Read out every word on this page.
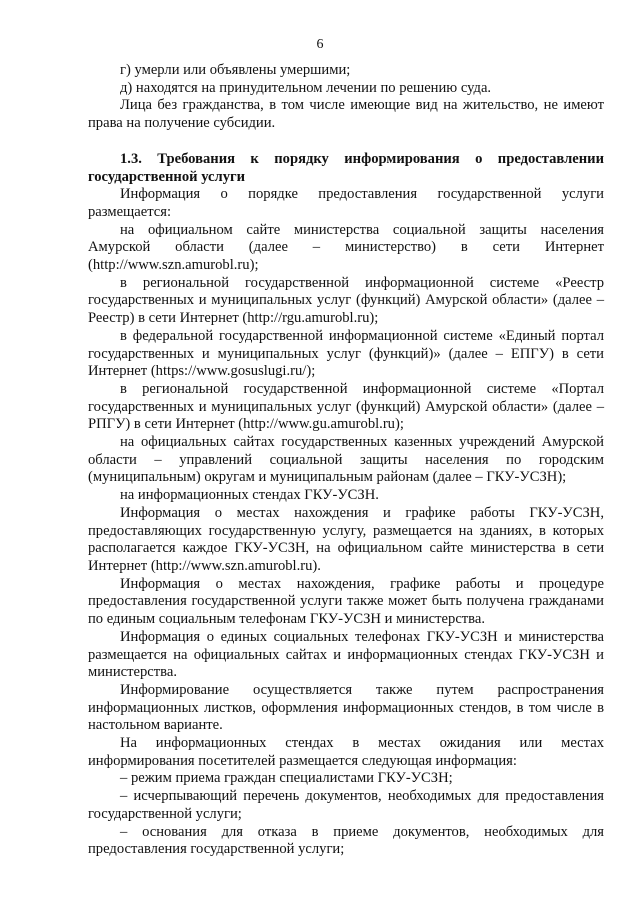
6

г) умерли или объявлены умершими;

д) находятся на принудительном лечении по решению суда.

Лица без гражданства, в том числе имеющие вид на жительство, не имеют права на получение субсидии.

1.3. Требования к порядку информирования о предоставлении государственной услуги

Информация о порядке предоставления государственной услуги размещается:

на официальном сайте министерства социальной защиты населения Амурской области (далее – министерство) в сети Интернет (http://www.szn.amurobl.ru);

в региональной государственной информационной системе «Реестр государственных и муниципальных услуг (функций) Амурской области» (далее – Реестр) в сети Интернет (http://rgu.amurobl.ru);

в федеральной государственной информационной системе «Единый портал государственных и муниципальных услуг (функций)» (далее – ЕПГУ) в сети Интернет (https://www.gosuslugi.ru/);

в региональной государственной информационной системе «Портал государственных и муниципальных услуг (функций) Амурской области» (далее – РПГУ) в сети Интернет (http://www.gu.amurobl.ru);

на официальных сайтах государственных казенных учреждений Амурской области – управлений социальной защиты населения по городским (муниципальным) округам и муниципальным районам (далее – ГКУ-УСЗН);

на информационных стендах ГКУ-УСЗН.

Информация о местах нахождения и графике работы ГКУ-УСЗН, предоставляющих государственную услугу, размещается на зданиях, в которых располагается каждое ГКУ-УСЗН, на официальном сайте министерства в сети Интернет (http://www.szn.amurobl.ru).

Информация о местах нахождения, графике работы и процедуре предоставления государственной услуги также может быть получена гражданами по единым социальным телефонам ГКУ-УСЗН и министерства.

Информация о единых социальных телефонах ГКУ-УСЗН и министерства размещается на официальных сайтах и информационных стендах ГКУ-УСЗН и министерства.

Информирование осуществляется также путем распространения информационных листков, оформления информационных стендов, в том числе в настольном варианте.

На информационных стендах в местах ожидания или местах информирования посетителей размещается следующая информация:

– режим приема граждан специалистами ГКУ-УСЗН;

– исчерпывающий перечень документов, необходимых для предоставления государственной услуги;

– основания для отказа в приеме документов, необходимых для предоставления государственной услуги;
